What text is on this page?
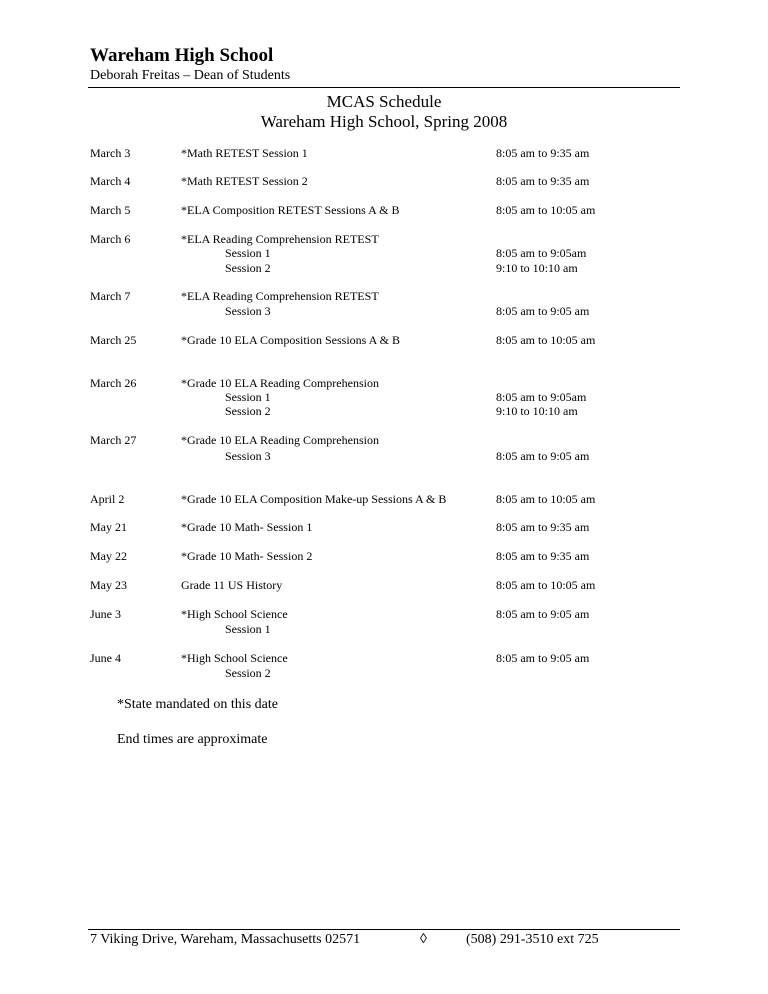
Wareham High School
Deborah Freitas – Dean of Students
MCAS Schedule
Wareham High School, Spring 2008
March 3	*Math RETEST Session 1	8:05 am to 9:35 am
March 4	*Math RETEST Session 2	8:05 am to 9:35 am
March 5	*ELA Composition RETEST Sessions A & B	8:05 am to 10:05 am
March 6	*ELA Reading Comprehension RETEST
Session 1	8:05 am to 9:05am
Session 2	9:10 to 10:10 am
March 7	*ELA Reading Comprehension RETEST
Session 3	8:05 am to 9:05 am
March 25	*Grade 10 ELA Composition Sessions A & B	8:05 am to 10:05 am
March 26	*Grade 10 ELA Reading Comprehension
Session 1	8:05 am to 9:05am
Session 2	9:10 to 10:10 am
March 27	*Grade 10 ELA Reading Comprehension
Session 3	8:05 am to 9:05 am
April 2	*Grade 10 ELA Composition Make-up Sessions A & B	8:05 am to 10:05 am
May 21	*Grade 10 Math- Session 1	8:05 am to 9:35 am
May 22	*Grade 10 Math- Session 2	8:05 am to 9:35 am
May 23	Grade 11 US History	8:05 am to 10:05 am
June 3	*High School Science	8:05 am to 9:05 am
Session 1
June 4	*High School Science	8:05 am to 9:05 am
Session 2
*State mandated on this date
End times are approximate
7 Viking Drive, Wareham, Massachusetts 02571	◊	(508) 291-3510 ext 725
